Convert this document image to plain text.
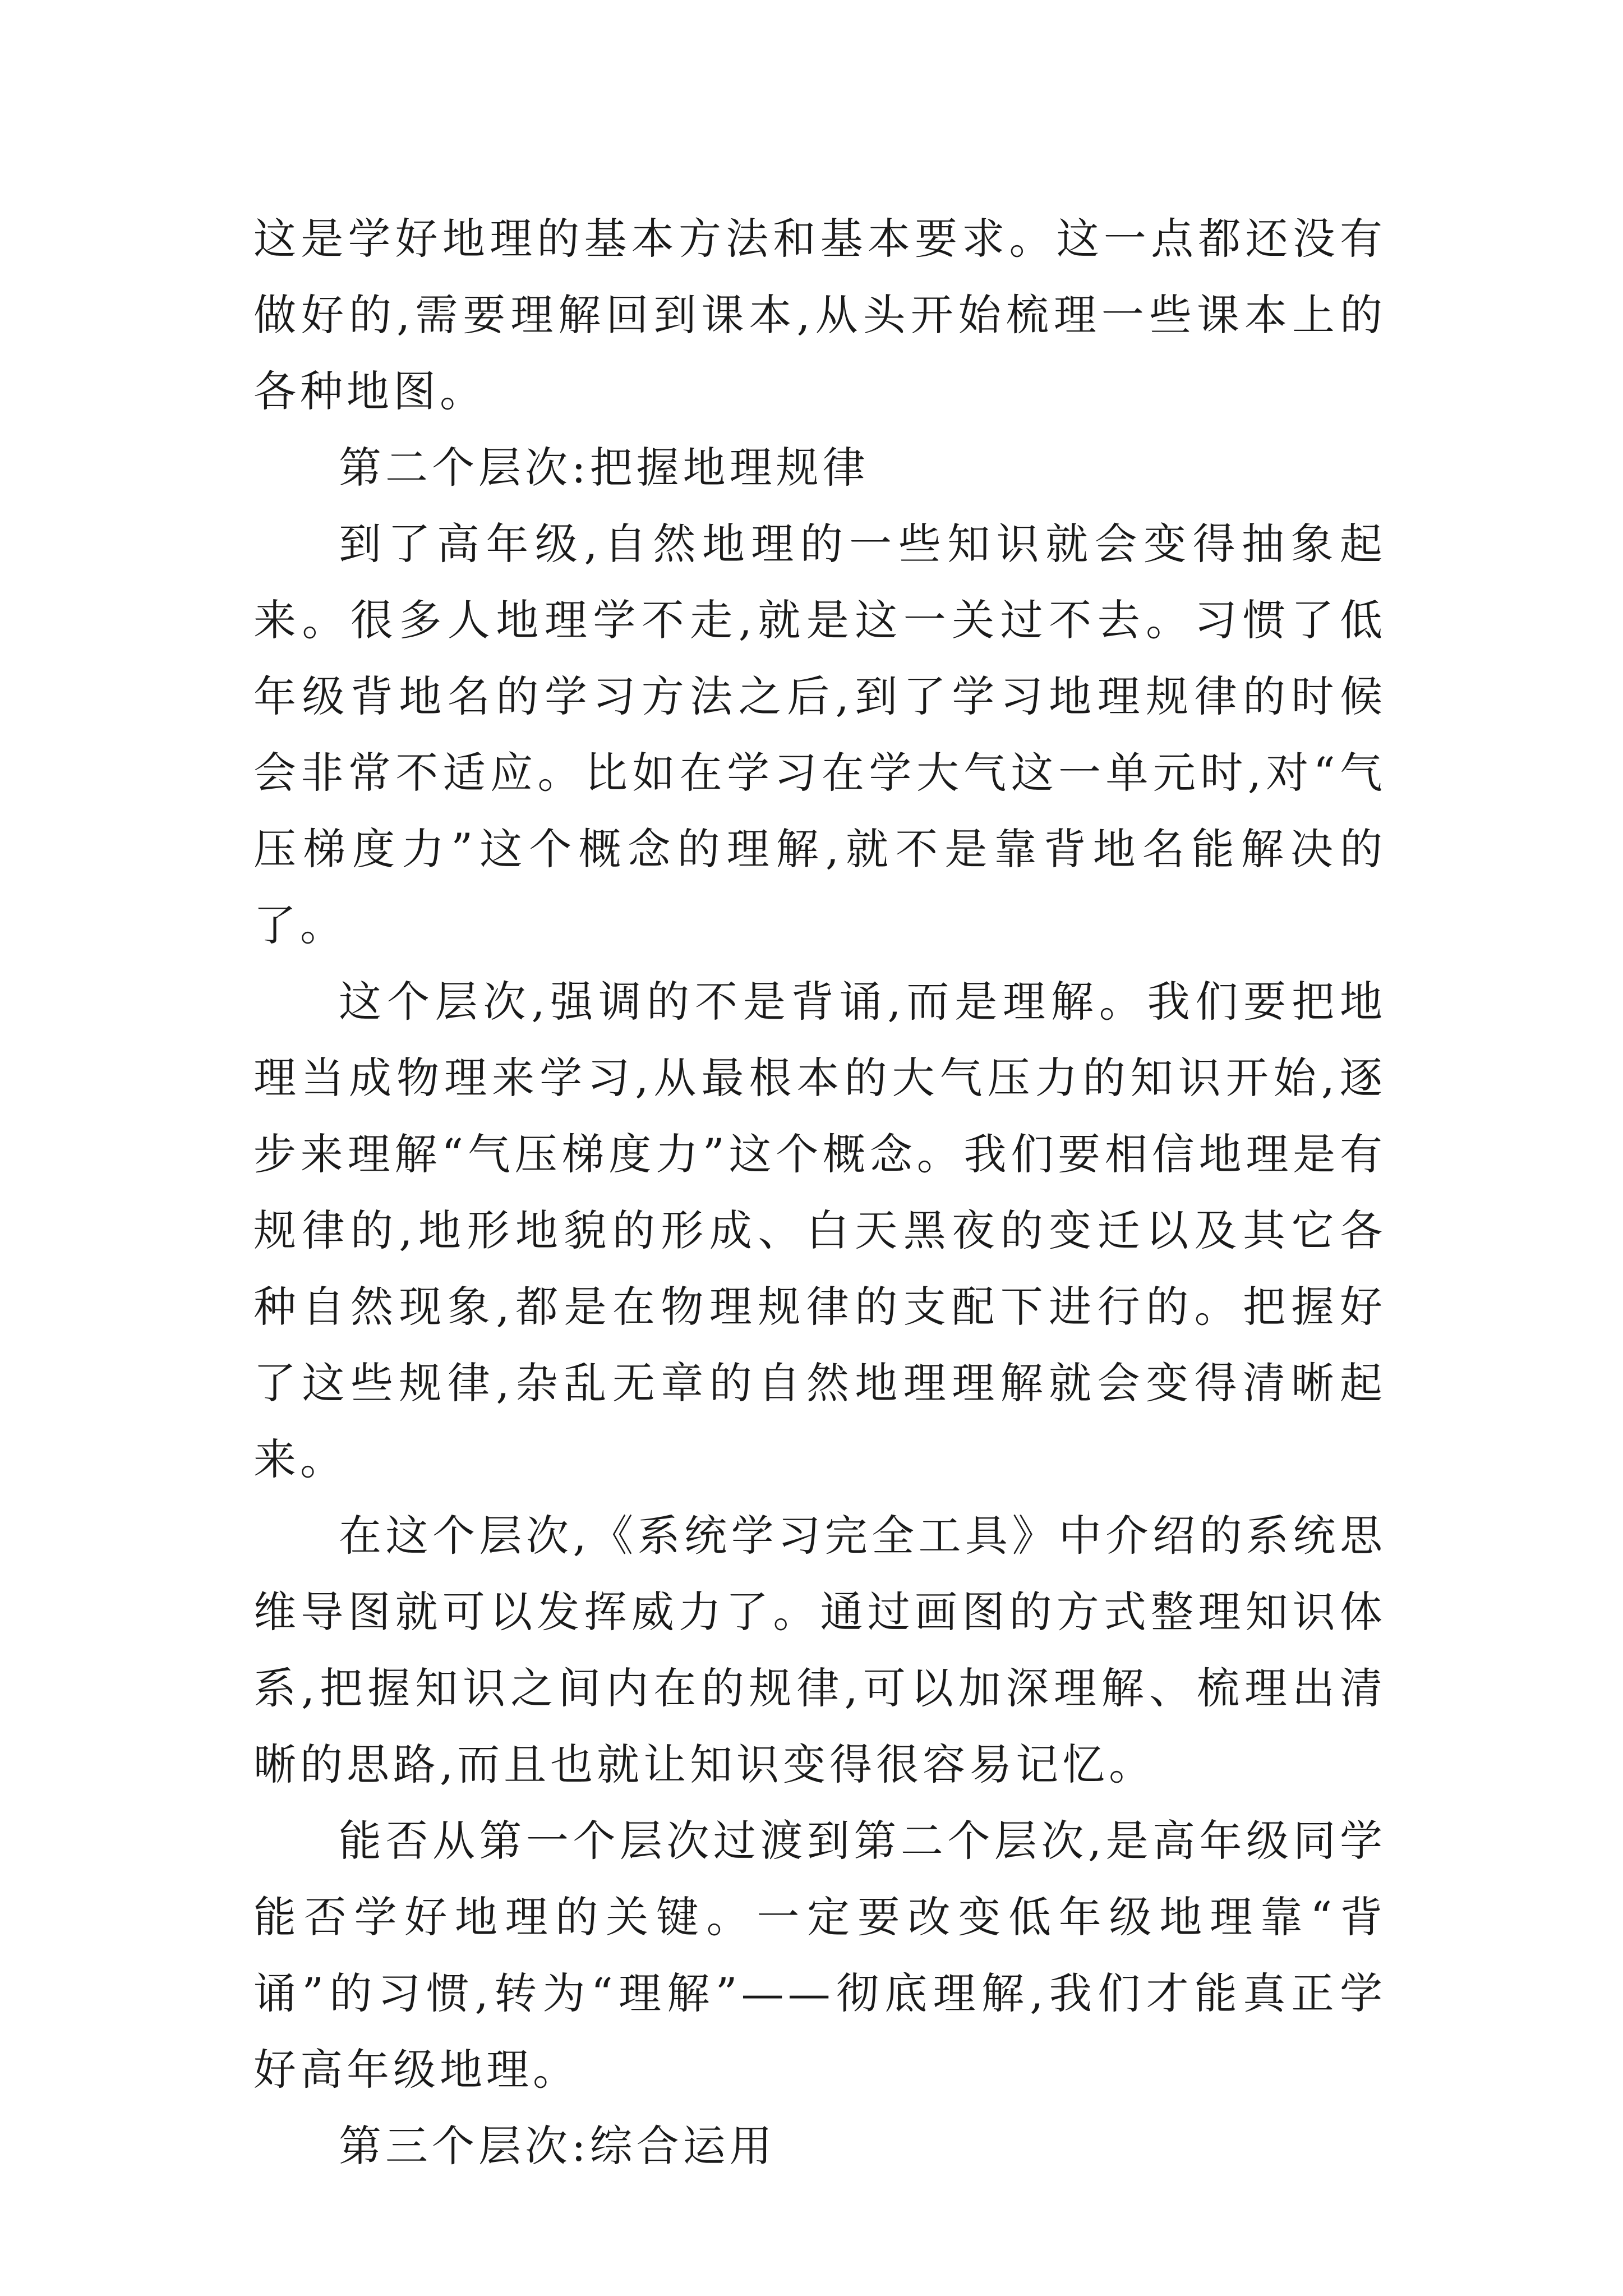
这是学好地理的基本方法和基本要求。这一点都还没有做好的,需要理解回到课本,从头开始梳理一些课本上的各种地图。

第二个层次:把握地理规律

到了高年级,自然地理的一些知识就会变得抽象起来。很多人地理学不走,就是这一关过不去。习惯了低年级背地名的学习方法之后,到了学习地理规律的时候会非常不适应。比如在学习在学大气这一单元时,对“气压梯度力”这个概念的理解,就不是靠背地名能解决的了。

这个层次,强调的不是背诵,而是理解。我们要把地理当成物理来学习,从最根本的大气压力的知识开始,逐步来理解“气压梯度力”这个概念。我们要相信地理是有规律的,地形地貌的形成、白天黑夜的变迁以及其它各种自然现象,都是在物理规律的支配下进行的。把握好了这些规律,杂乱无章的自然地理理解就会变得清晰起来。

在这个层次,《系统学习完全工具》中介绍的系统思维导图就可以发挥威力了。通过画图的方式整理知识体系,把握知识之间内在的规律,可以加深理解、梳理出清晰的思路,而且也就让知识变得很容易记忆。

能否从第一个层次过渡到第二个层次,是高年级同学能否学好地理的关键。一定要改变低年级地理靠“背诵”的习惯,转为“理解”——彻底理解,我们才能真正学好高年级地理。

第三个层次:综合运用
